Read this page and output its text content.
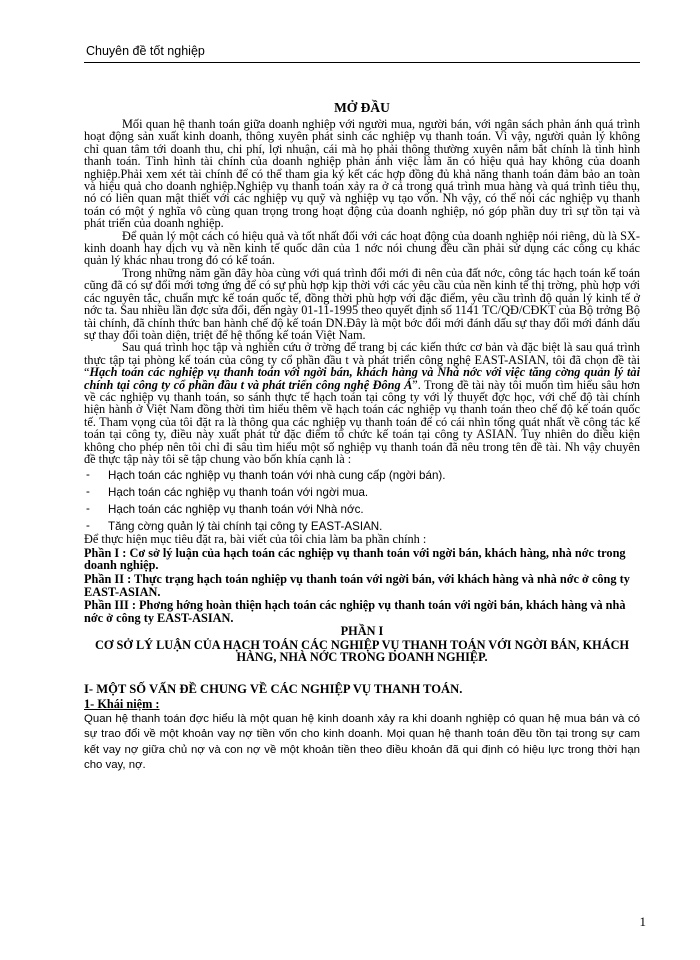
Chuyên đề tốt nghiệp
MỞ ĐẦU

Mối quan hệ thanh toán giữa doanh nghiệp với người mua, người bán, với ngân sách phản ánh quá trình hoạt động sản xuất kinh doanh, thông xuyên phát sinh các nghiệp vụ thanh toán. Vì vậy, người quản lý không chỉ quan tâm tới doanh thu, chi phí, lợi nhuận, cái mà họ phải thông thường xuyên nắm bắt chính là tình hình thanh toán. Tình hình tài chính của doanh nghiệp phản ánh việc làm ăn có hiệu quả hay không của doanh nghiệp.Phải xem xét tài chính để có thể tham gia ký kết các hợp đồng đủ khả năng thanh toán đảm bảo an toàn và hiệu quả cho doanh nghiệp.Nghiệp vụ thanh toán xảy ra ở cả trong quá trình mua hàng và quá trình tiêu thụ, nó có liên quan mật thiết với các nghiệp vụ quỹ và nghiệp vụ tạo vốn. Nh vậy, có thể nói các nghiệp vụ thanh toán có một ý nghĩa vô cùng quan trọng trong hoạt động của doanh nghiệp, nó góp phần duy trì sự tồn tại và phát triển của doanh nghiệp.

Để quản lý một cách có hiệu quả và tốt nhất đối với các hoạt động của doanh nghiệp nói riêng, dù là SX-kinh doanh hay dịch vụ và nền kinh tế quốc dân của 1 nớc nói chung đều cần phải sử dụng các công cụ khác quản lý khác nhau trong đó có kế toán.

Trong những năm gần đây hòa cùng với quá trình đổi mới đi nên của đất nớc, công tác hạch toán kế toán cũng đã có sự đổi mới tơng ứng để có sự phù hợp kịp thời với các yêu cầu của nền kinh tế thị trờng, phù hợp với các nguyên tắc, chuẩn mực kế toán quốc tế, đồng thời phù hợp với đặc điểm, yêu cầu trình độ quản lý kinh tế ở nớc ta. Sau nhiều lần đợc sửa đổi, đến ngày 01-11-1995 theo quyết định số 1141 TC/QĐ/CĐKT của Bộ trởng Bộ tài chính, đã chính thức ban hành chế độ kế toán DN.Đây là một bớc đổi mới đánh dấu sự thay đổi mới đánh dấu sự thay đổi toàn diện, triệt để hệ thống kế toán Việt Nam.

Sau quá trình học tập và nghiên cứu ở trờng để trang bị các kiến thức cơ bản và đặc biệt là sau quá trình thực tập tại phòng kế toán của công ty cổ phần đầu t và phát triển công nghệ EAST-ASIAN, tôi đã chọn đề tài “Hạch toán các nghiệp vụ thanh toán với ngời bán, khách hàng và Nhà nớc với việc tăng cờng quản lý tài chính tại công ty cổ phần đầu t và phát triển công nghệ Đông Á”. Trong đề tài này tôi muốn tìm hiểu sâu hơn về các nghiệp vụ thanh toán, so sánh thực tế hạch toán tại công ty với lý thuyết đợc học, với chế độ tài chính hiện hành ở Việt Nam đồng thời tìm hiểu thêm về hạch toán các nghiệp vụ thanh toán theo chế độ kế toán quốc tế. Tham vọng của tôi đặt ra là thông qua các nghiệp vụ thanh toán để có cái nhìn tổng quát nhất về công tác kế toán tại công ty, điều này xuất phát từ đặc điểm tổ chức kế toán tại công ty ASIAN. Tuy nhiên do điều kiện không cho phép nên tôi chỉ đi sâu tìm hiểu một số nghiệp vụ thanh toán đã nêu trong tên đề tài. Nh vậy chuyên đề thực tập này tôi sẽ tập chung vào bốn khía cạnh là :

- Hạch toán các nghiệp vụ thanh toán với nhà cung cấp (ngời bán).
- Hạch toán các nghiệp vụ thanh toán với ngời mua.
- Hạch toán các nghiệp vụ thanh toán với Nhà nớc.
- Tăng cờng quản lý tài chính tại công ty EAST-ASIAN.

Để thực hiện mục tiêu đặt ra, bài viết của tôi chia làm ba phần chính :

Phần I : Cơ sở lý luận của hạch toán các nghiệp vụ thanh toán với ngời bán, khách hàng, nhà nớc trong doanh nghiệp.
Phần II : Thực trạng hạch toán nghiệp vụ thanh toán với ngời bán, với khách hàng và nhà nớc ở công ty EAST-ASIAN.
Phần III : Phơng hớng hoàn thiện hạch toán các nghiệp vụ thanh toán với ngời bán, khách hàng và nhà nớc ở công ty EAST-ASIAN.
PHẦN I
CƠ SỞ LÝ LUẬN CỦA HẠCH TOÁN CÁC NGHIỆP VỤ THANH TOÁN VỚI NGỜI BÁN, KHÁCH HÀNG, NHÀ NỚC TRONG DOANH NGHIỆP.
I- MỘT SỐ VẤN ĐỀ CHUNG VỀ CÁC NGHIỆP VỤ THANH TOÁN.
1- Khái niệm :

Quan hệ thanh toán đợc hiểu là một quan hệ kinh doanh xảy ra khi doanh nghiệp có quan hệ mua bán và có sự trao đổi về một khoản vay nợ tiền vốn cho kinh doanh. Mọi quan hệ thanh toán đều tồn tại trong sự cam kết vay nợ giữa chủ nợ và con nợ về một khoản tiền theo điều khoản đã qui định có hiệu lực trong thời hạn cho vay, nợ.

1
